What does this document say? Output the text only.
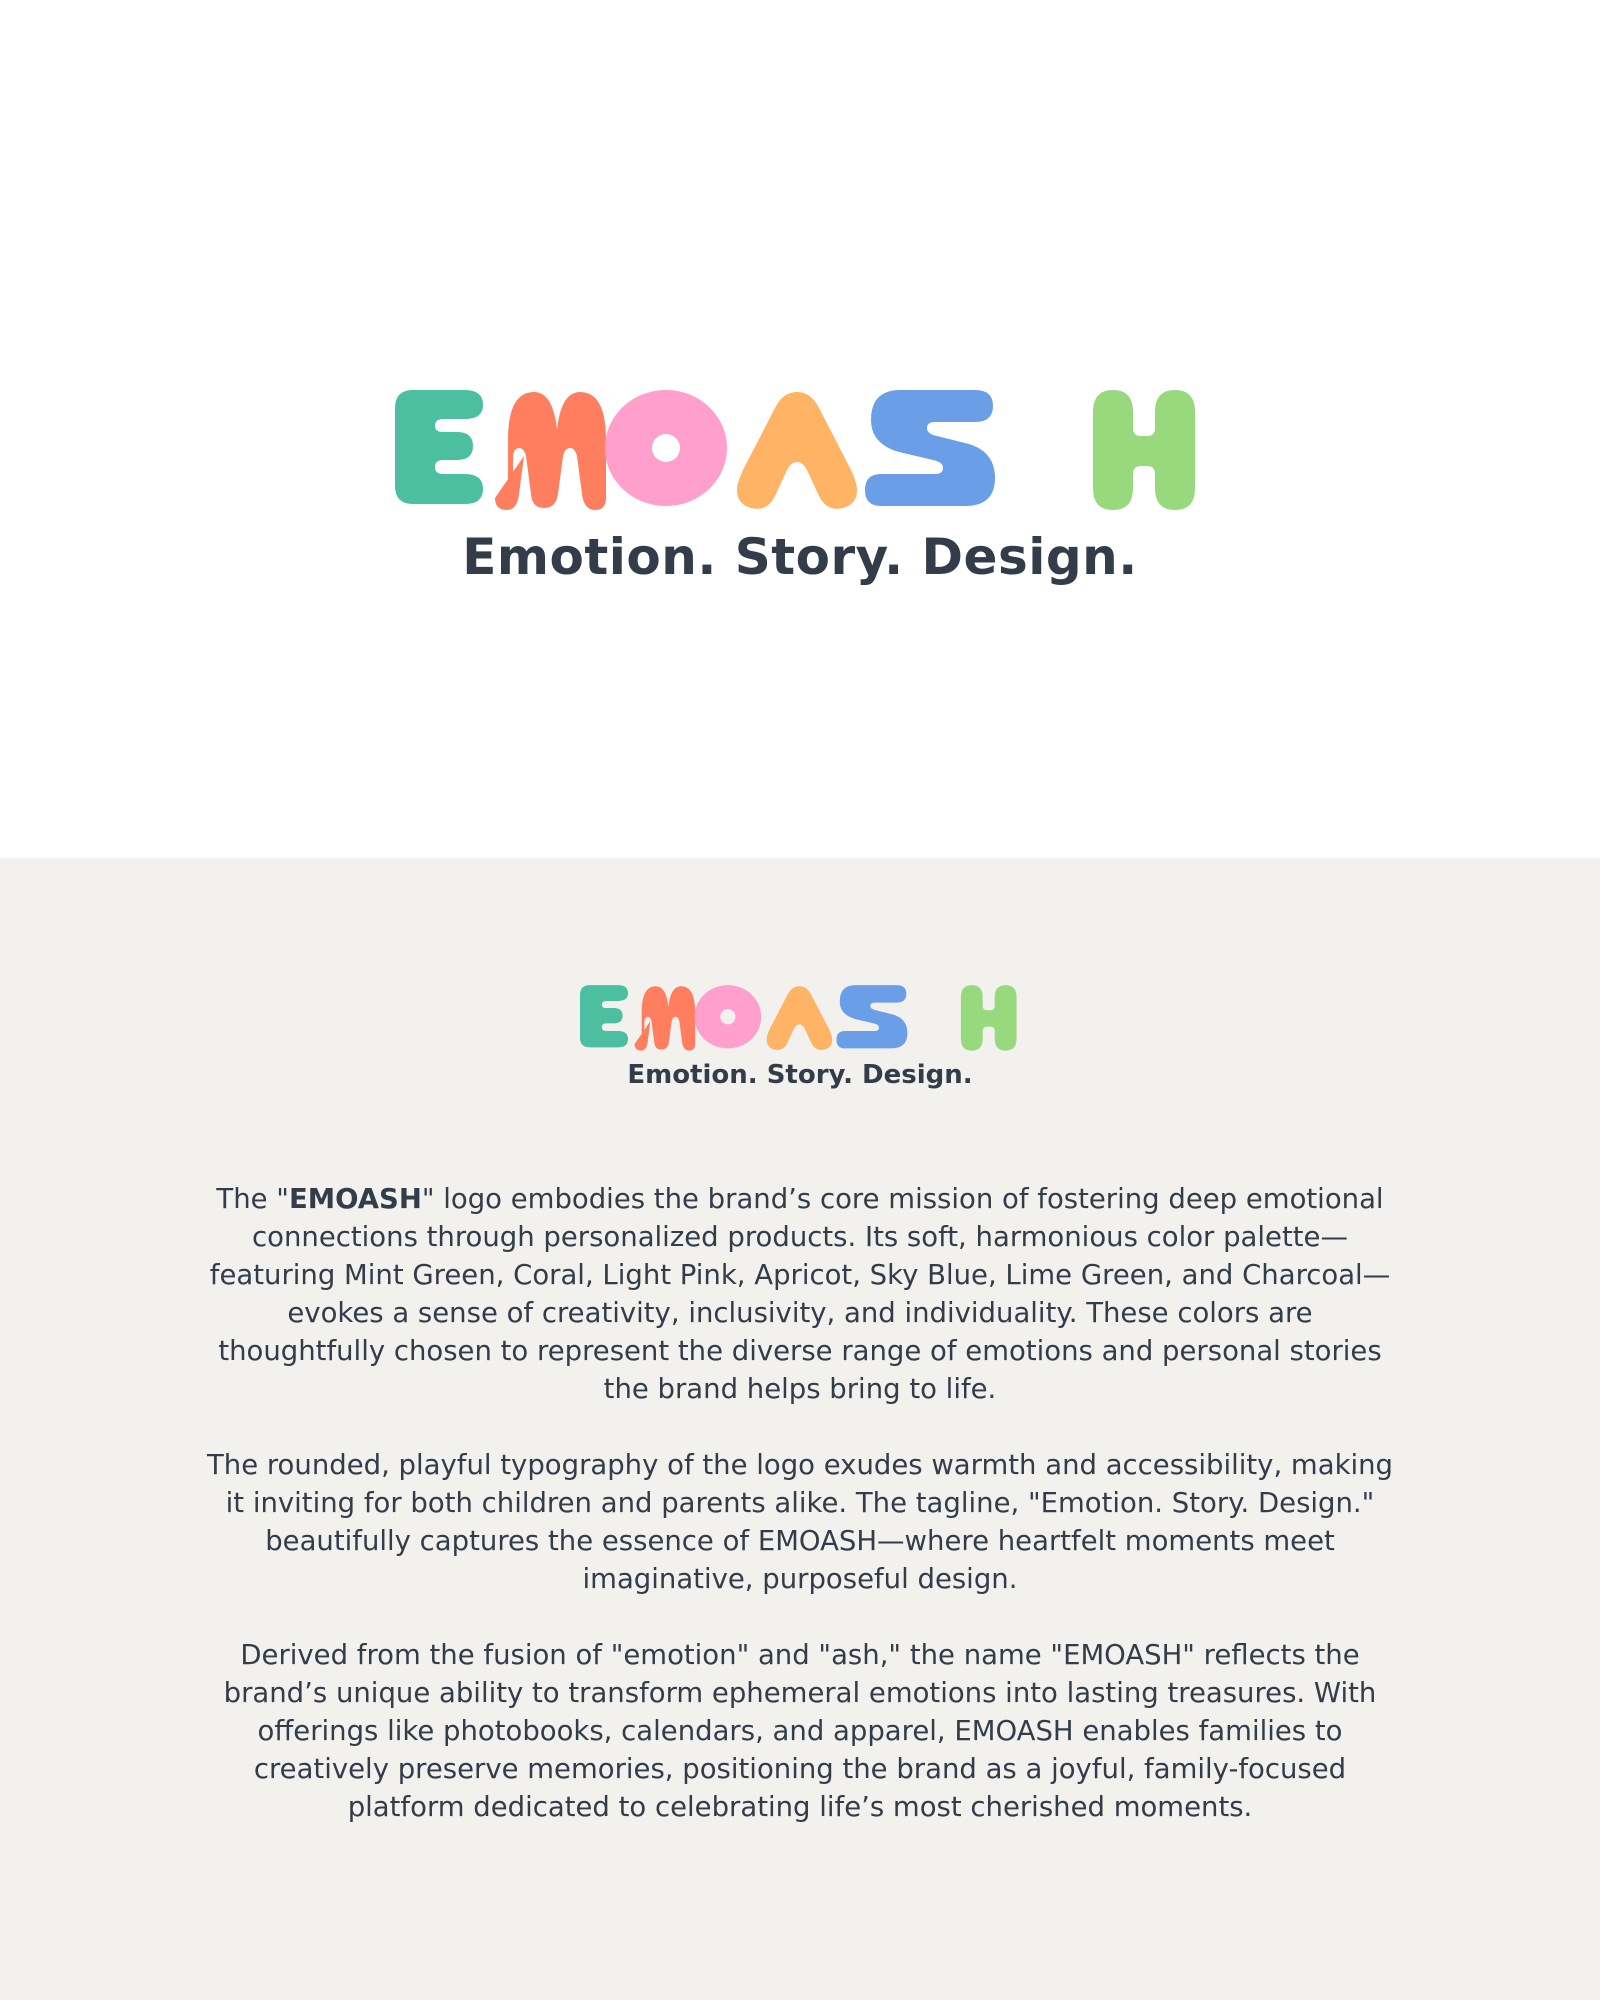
Emotion. Story. Design.
Emotion. Story. Design.

The "EMOASH" logo embodies the brand’s core mission of fostering deep emotional connections through personalized products. Its soft, harmonious color palette—featuring Mint Green, Coral, Light Pink, Apricot, Sky Blue, Lime Green, and Charcoal—evokes a sense of creativity, inclusivity, and individuality. These colors are thoughtfully chosen to represent the diverse range of emotions and personal stories the brand helps bring to life.

The rounded, playful typography of the logo exudes warmth and accessibility, making it inviting for both children and parents alike. The tagline, "Emotion. Story. Design." beautifully captures the essence of EMOASH—where heartfelt moments meet imaginative, purposeful design.

Derived from the fusion of "emotion" and "ash," the name "EMOASH" reflects the brand’s unique ability to transform ephemeral emotions into lasting treasures. With offerings like photobooks, calendars, and apparel, EMOASH enables families to creatively preserve memories, positioning the brand as a joyful, family-focused platform dedicated to celebrating life’s most cherished moments.
